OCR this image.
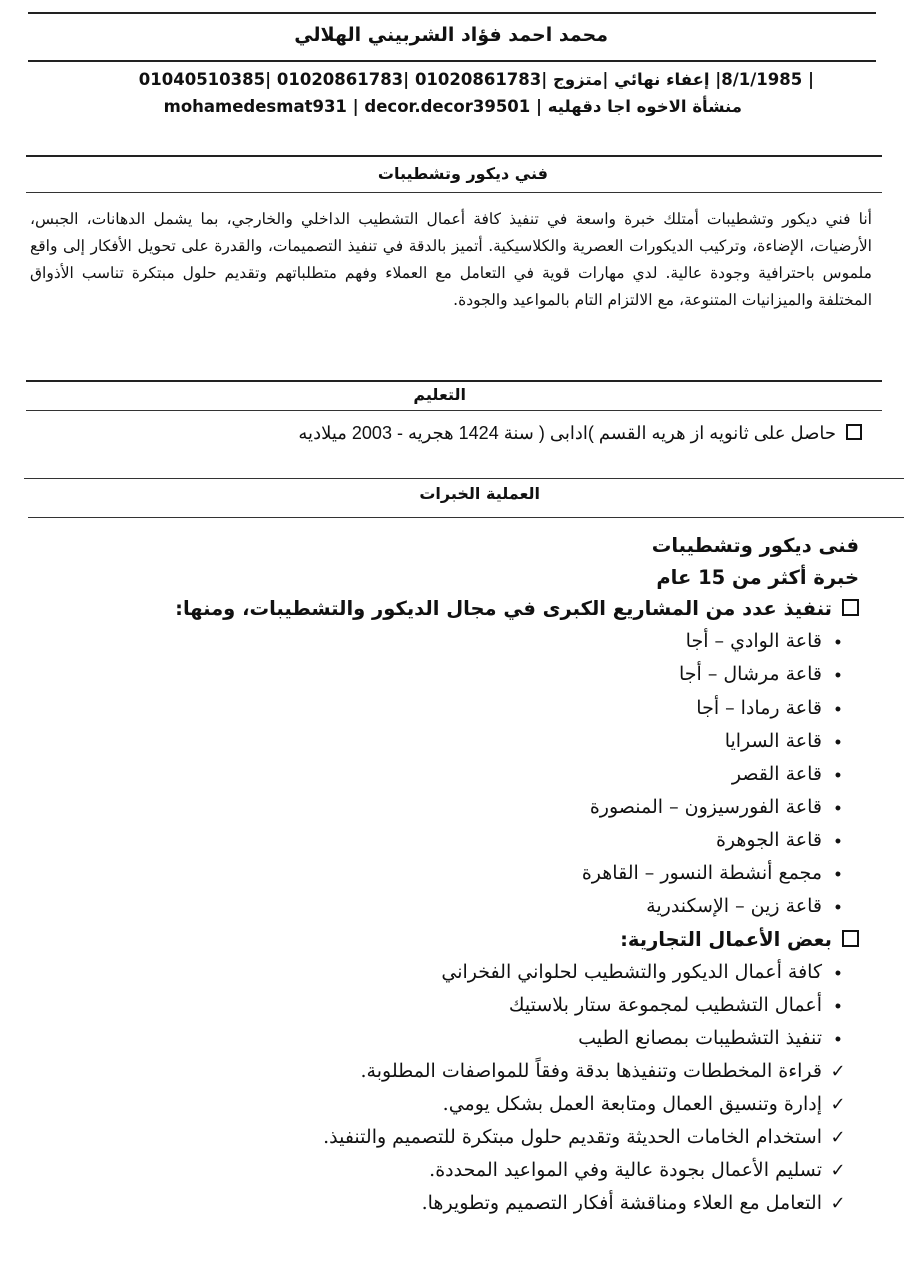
محمد احمد فؤاد الشربيني الهلالي
| 8/1/1985| إعفاء نهائي |متزوج |01020861783 |01020861783 |01040510385
منشأة الاخوه اجا دقهليه | mohamedesmat931 | decor.decor39501
فني ديكور وتشطيبات
أنا فني ديكور وتشطيبات أمتلك خبرة واسعة في تنفيذ كافة أعمال التشطيب الداخلي والخارجي، بما يشمل الدهانات، الجبس، الأرضيات، الإضاءة، وتركيب الديكورات العصرية والكلاسيكية. أتميز بالدقة في تنفيذ التصميمات، والقدرة على تحويل الأفكار إلى واقع ملموس باحترافية وجودة عالية. لدي مهارات قوية في التعامل مع العملاء وفهم متطلباتهم وتقديم حلول مبتكرة تناسب الأذواق المختلفة والميزانيات المتنوعة، مع الالتزام التام بالمواعيد والجودة.
التعليم
حاصل على ثانويه از هريه القسم )ادابى ( سنة 1424 هجريه - 2003 ميلاديه
العملية الخبرات
فنى ديكور وتشطيبات
خبرة أكثر من 15 عام
تنفيذ عدد من المشاريع الكبرى في مجال الديكور والتشطيبات، ومنها:
•قاعة الوادي – أجا
•قاعة مرشال – أجا
•قاعة رمادا – أجا
•قاعة السرايا
•قاعة القصر
•قاعة الفورسيزون – المنصورة
•قاعة الجوهرة
•مجمع أنشطة النسور – القاهرة
•قاعة زين – الإسكندرية
بعض الأعمال التجارية:
•كافة أعمال الديكور والتشطيب لحلواني الفخراني
•أعمال التشطيب لمجموعة ستار بلاستيك
•تنفيذ التشطيبات بمصانع الطيب
✓قراءة المخططات وتنفيذها بدقة وفقاً للمواصفات المطلوبة.
✓إدارة وتنسيق العمال ومتابعة العمل بشكل يومي.
✓استخدام الخامات الحديثة وتقديم حلول مبتكرة للتصميم والتنفيذ.
✓تسليم الأعمال بجودة عالية وفي المواعيد المحددة.
✓التعامل مع العلاء ومناقشة أفكار التصميم وتطويرها.
